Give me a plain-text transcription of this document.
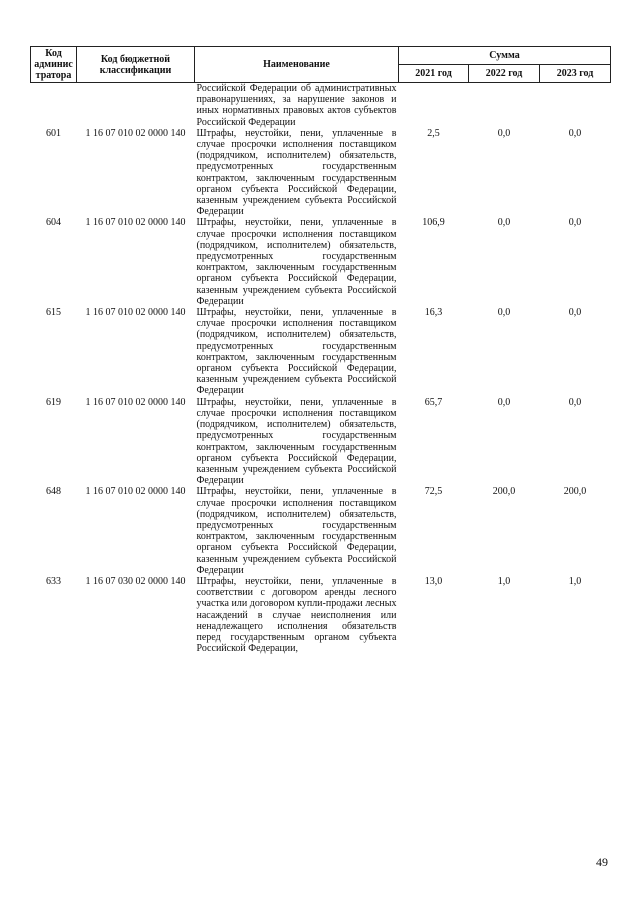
Код админис тратора	Код бюджетной классификации	Наименование	Сумма		
			2021 год	2022 год	2023 год
		Российской Федерации об административных правонарушениях, за нарушение законов и иных нормативных правовых актов субъектов Российской Федерации			
601	1 16 07 010 02 0000 140	Штрафы, неустойки, пени, уплаченные в случае просрочки исполнения поставщиком (подрядчиком, исполнителем) обязательств, предусмотренных государственным контрактом, заключенным государственным органом субъекта Российской Федерации, казенным учреждением субъекта Российской Федерации	2,5	0,0	0,0
604	1 16 07 010 02 0000 140	Штрафы, неустойки, пени, уплаченные в случае просрочки исполнения поставщиком (подрядчиком, исполнителем) обязательств, предусмотренных государственным контрактом, заключенным государственным органом субъекта Российской Федерации, казенным учреждением субъекта Российской Федерации	106,9	0,0	0,0
615	1 16 07 010 02 0000 140	Штрафы, неустойки, пени, уплаченные в случае просрочки исполнения поставщиком (подрядчиком, исполнителем) обязательств, предусмотренных государственным контрактом, заключенным государственным органом субъекта Российской Федерации, казенным учреждением субъекта Российской Федерации	16,3	0,0	0,0
619	1 16 07 010 02 0000 140	Штрафы, неустойки, пени, уплаченные в случае просрочки исполнения поставщиком (подрядчиком, исполнителем) обязательств, предусмотренных государственным контрактом, заключенным государственным органом субъекта Российской Федерации, казенным учреждением субъекта Российской Федерации	65,7	0,0	0,0
648	1 16 07 010 02 0000 140	Штрафы, неустойки, пени, уплаченные в случае просрочки исполнения поставщиком (подрядчиком, исполнителем) обязательств, предусмотренных государственным контрактом, заключенным государственным органом субъекта Российской Федерации, казенным учреждением субъекта Российской Федерации	72,5	200,0	200,0
633	1 16 07 030 02 0000 140	Штрафы, неустойки, пени, уплаченные в соответствии с договором аренды лесного участка или договором купли-продажи лесных насаждений в случае неисполнения или ненадлежащего исполнения обязательств перед государственным органом субъекта Российской Федерации,	13,0	1,0	1,0
49
